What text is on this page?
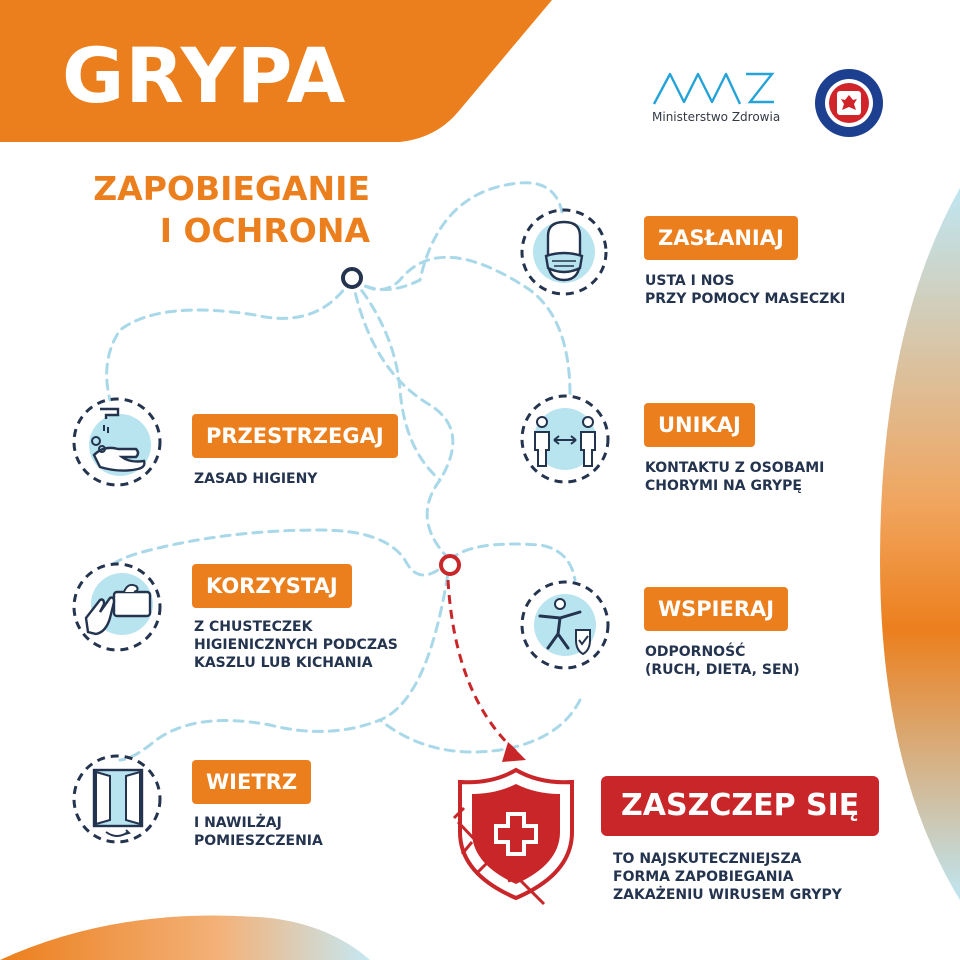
GRYPA
ZAPOBIEGANIE
I OCHRONA
Ministerstwo Zdrowia
ZASŁANIAJ
USTA I NOS
PRZY POMOCY MASECZKI
PRZESTRZEGAJ
ZASAD HIGIENY
UNIKAJ
KONTAKTU Z OSOBAMI
CHORYMI NA GRYPĘ
KORZYSTAJ
Z CHUSTECZEK
HIGIENICZNYCH PODCZAS
KASZLU LUB KICHANIA
WSPIERAJ
ODPORNOŚĆ
(RUCH, DIETA, SEN)
WIETRZ
I NAWILŻAJ
POMIESZCZENIA
ZASZCZEP SIĘ
TO NAJSKUTECZNIEJSZA
FORMA ZAPOBIEGANIA
ZAKAŻENIU WIRUSEM GRYPY
